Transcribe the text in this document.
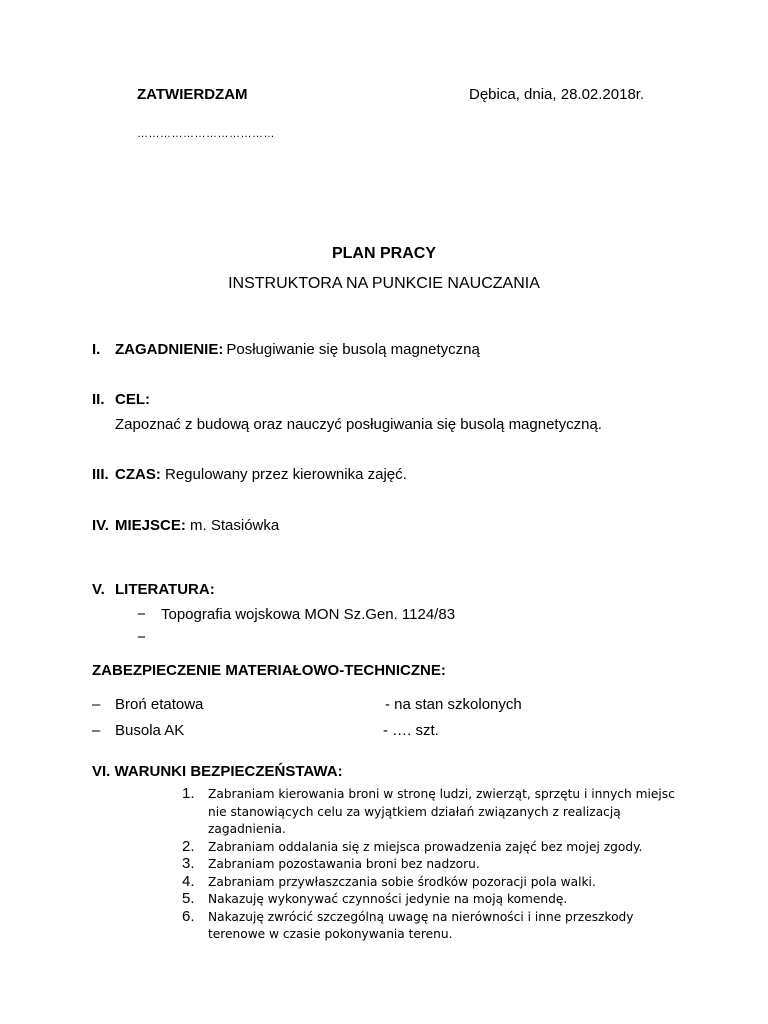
ZATWIERDZAM	Dębica, dnia, 28.02.2018r.
………………………………
PLAN PRACY
INSTRUKTORA NA PUNKCIE NAUCZANIA
I. ZAGADNIENIE: Posługiwanie się busolą magnetyczną
II. CEL:
Zapoznać z budową oraz nauczyć posługiwania się busolą magnetyczną.
III. CZAS: Regulowany przez kierownika zajęć.
IV. MIEJSCE: m. Stasiówka
V. LITERATURA:
− Topografia wojskowa MON Sz.Gen. 1124/83
−
ZABEZPIECZENIE MATERIAŁOWO-TECHNICZNE:
– Broń etatowa	- na stan szkolonych
– Busola AK	- …. szt.
VI. WARUNKI BEZPIECZEŃSTAWA:
1. Zabraniam kierowania broni w stronę ludzi, zwierząt, sprzętu i innych miejsc nie stanowiących celu za wyjątkiem działań związanych z realizacją zagadnienia.
2. Zabraniam oddalania się z miejsca prowadzenia zajęć bez mojej zgody.
3. Zabraniam pozostawania broni bez nadzoru.
4. Zabraniam przywłaszczania sobie środków pozoracji pola walki.
5. Nakazuję wykonywać czynności jedynie na moją komendę.
6. Nakazuję zwrócić szczególną uwagę na nierówności i inne przeszkody terenowe w czasie pokonywania terenu.
